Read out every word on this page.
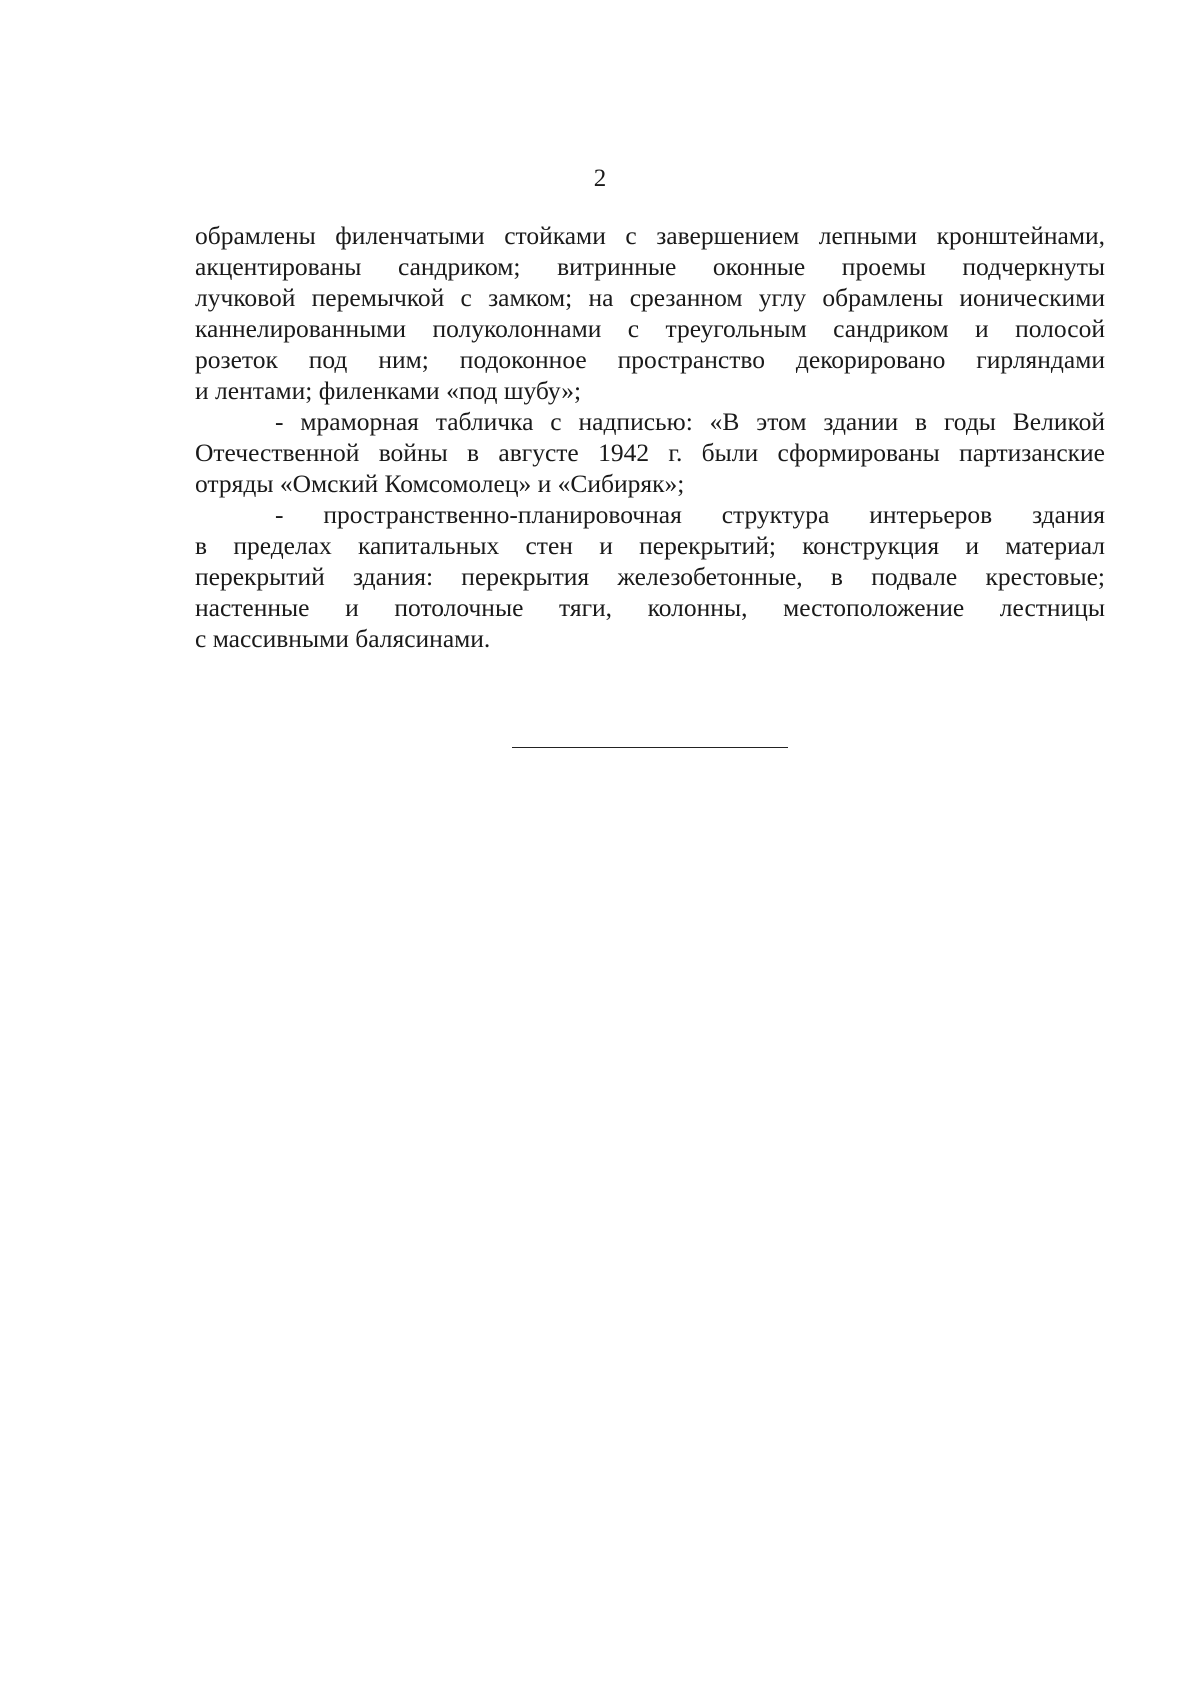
2

обрамлены филенчатыми стойками с завершением лепными кронштейнами,
акцентированы сандриком; витринные оконные проемы подчеркнуты
лучковой перемычкой с замком; на срезанном углу обрамлены ионическими
каннелированными полуколоннами с треугольным сандриком и полосой
розеток под ним; подоконное пространство декорировано гирляндами
и лентами; филенками «под шубу»;

- мраморная табличка с надписью: «В этом здании в годы Великой
Отечественной войны в августе 1942 г. были сформированы партизанские
отряды «Омский Комсомолец» и «Сибиряк»;

- пространственно-планировочная структура интерьеров здания
в пределах капитальных стен и перекрытий; конструкция и материал
перекрытий здания: перекрытия железобетонные, в подвале крестовые;
настенные и потолочные тяги, колонны, местоположение лестницы
с массивными балясинами.
